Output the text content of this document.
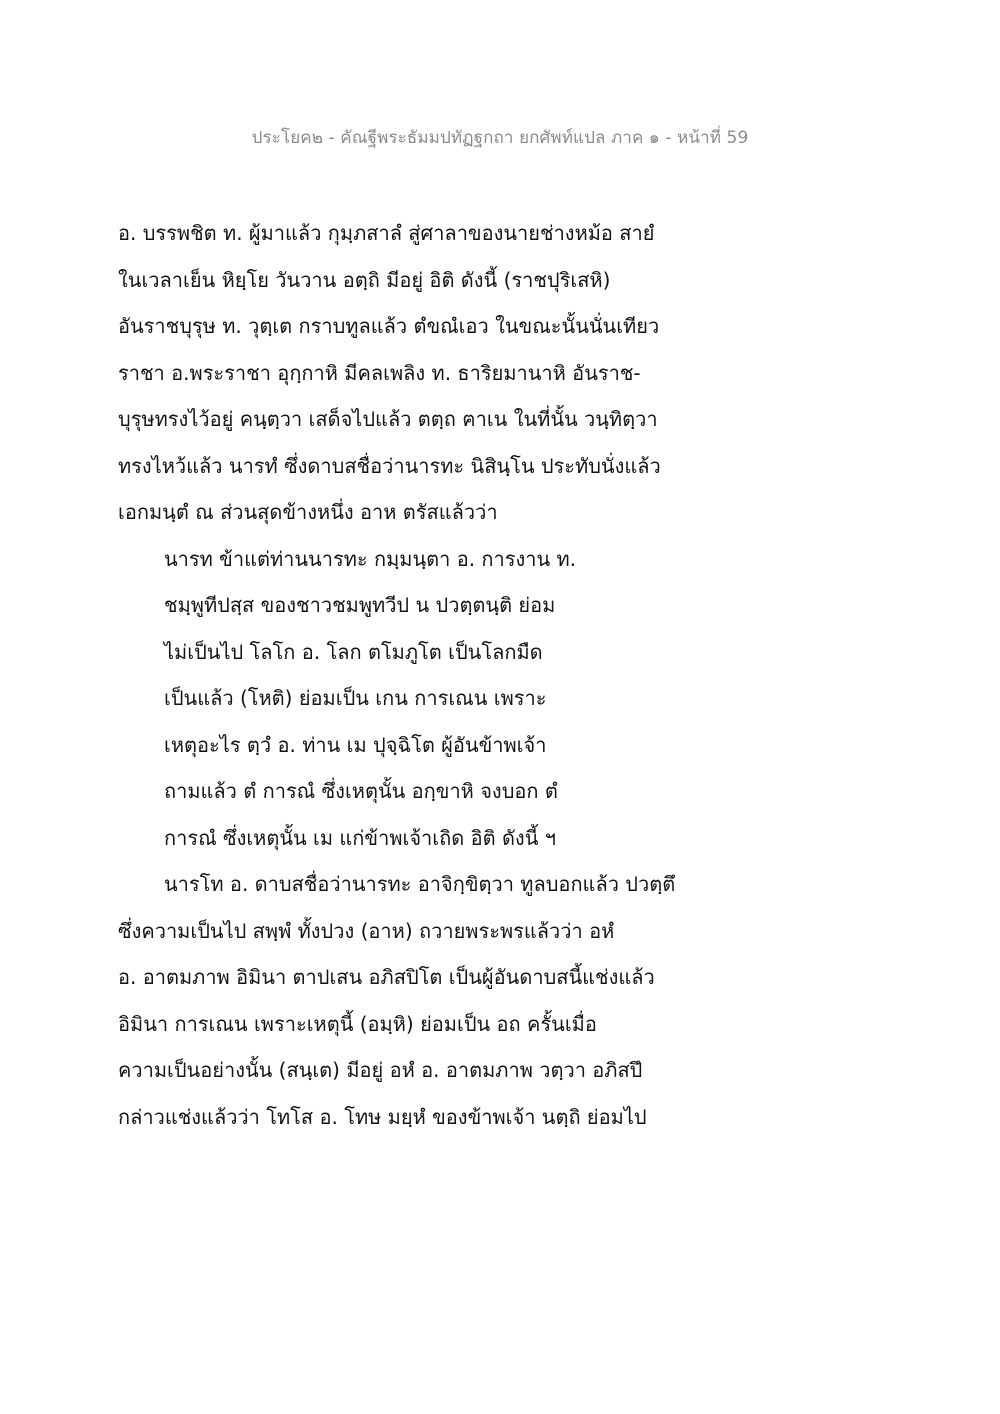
ประโยค๒ - คัณฐีพระธัมมปทัฏฐกถา ยกศัพท์แปล ภาค ๑ - หน้าที่ 59
อ. บรรพชิต ท. ผู้มาแล้ว กุมฺภสาลํ สู่ศาลาของนายช่างหม้อ สายํ
ในเวลาเย็น หิยฺโย วันวาน อตฺถิ มีอยู่ อิติ ดังนี้ (ราชปุริเสหิ)
อันราชบุรุษ ท. วุตฺเต กราบทูลแล้ว ตํขณํเอว ในขณะนั้นนั่นเทียว
ราชา อ.พระราชา อุกฺกาหิ มีคลเพลิง ท. ธาริยมานาหิ อันราช-
บุรุษทรงไว้อยู่ คนฺตฺวา เสด็จไปแล้ว ตตฺถ ฅาเน ในที่นั้น วนฺทิตฺวา
ทรงไหว้แล้ว นารทํ ซึ่งดาบสชื่อว่านารทะ นิสินฺโน ประทับนั่งแล้ว
เอกมนฺตํ ณ ส่วนสุดข้างหนึ่ง อาห ตรัสแล้วว่า
นารท ข้าแต่ท่านนารทะ กมฺมนฺตา อ. การงาน ท.
ชมฺพูทีปสฺส ของชาวชมพูทวีป น ปวตฺตนฺติ ย่อม
ไม่เป็นไป โลโก อ. โลก ตโมภูโต เป็นโลกมืด
เป็นแล้ว (โหติ) ย่อมเป็น เกน การเณน เพราะ
เหตุอะไร ตฺวํ อ. ท่าน เม ปุจฺฉิโต ผู้อันข้าพเจ้า
ถามแล้ว ตํ การณํ ซึ่งเหตุนั้น อกฺขาหิ จงบอก ตํ
การณํ ซึ่งเหตุนั้น เม แก่ข้าพเจ้าเถิด อิติ ดังนี้ ฯ
นารโท อ. ดาบสชื่อว่านารทะ อาจิกฺขิตฺวา ทูลบอกแล้ว ปวตฺตึ
ซึ่งความเป็นไป สพฺพํ ทั้งปวง (อาห) ถวายพระพรแล้วว่า อหํ
อ. อาตมภาพ อิมินา ตาปเสน อภิสปิโต เป็นผู้อันดาบสนี้แช่งแล้ว
อิมินา การเณน เพราะเหตุนี้ (อมฺหิ) ย่อมเป็น อถ ครั้นเมื่อ
ความเป็นอย่างนั้น (สนฺเต) มีอยู่ อหํ อ. อาตมภาพ วตฺวา อภิสปึ
กล่าวแช่งแล้วว่า โทโส อ. โทษ มยฺหํ ของข้าพเจ้า นตฺถิ ย่อมไป
